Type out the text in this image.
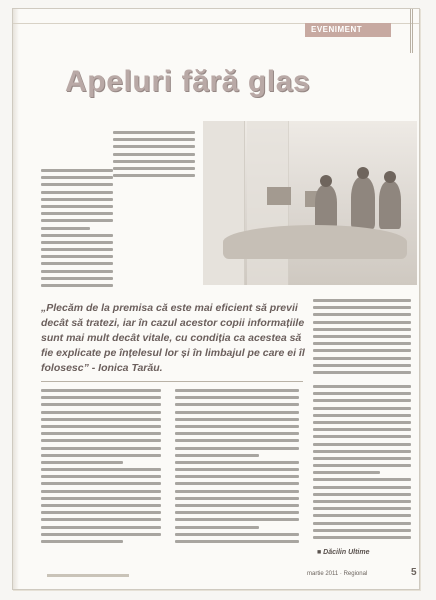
EVENIMENT
Apeluri fără glas
„Plecăm de la premisa că este mai eficient să previi decât să tratezi, iar în cazul acestor copii informațiile sunt mai mult decât vitale, cu condiția ca acestea să fie explicate pe înțelesul lor și în limbajul pe care ei îl folosesc” - Ionica Tarău.
■ Dăcilin Ultime
martie 2011 · Regional	5
